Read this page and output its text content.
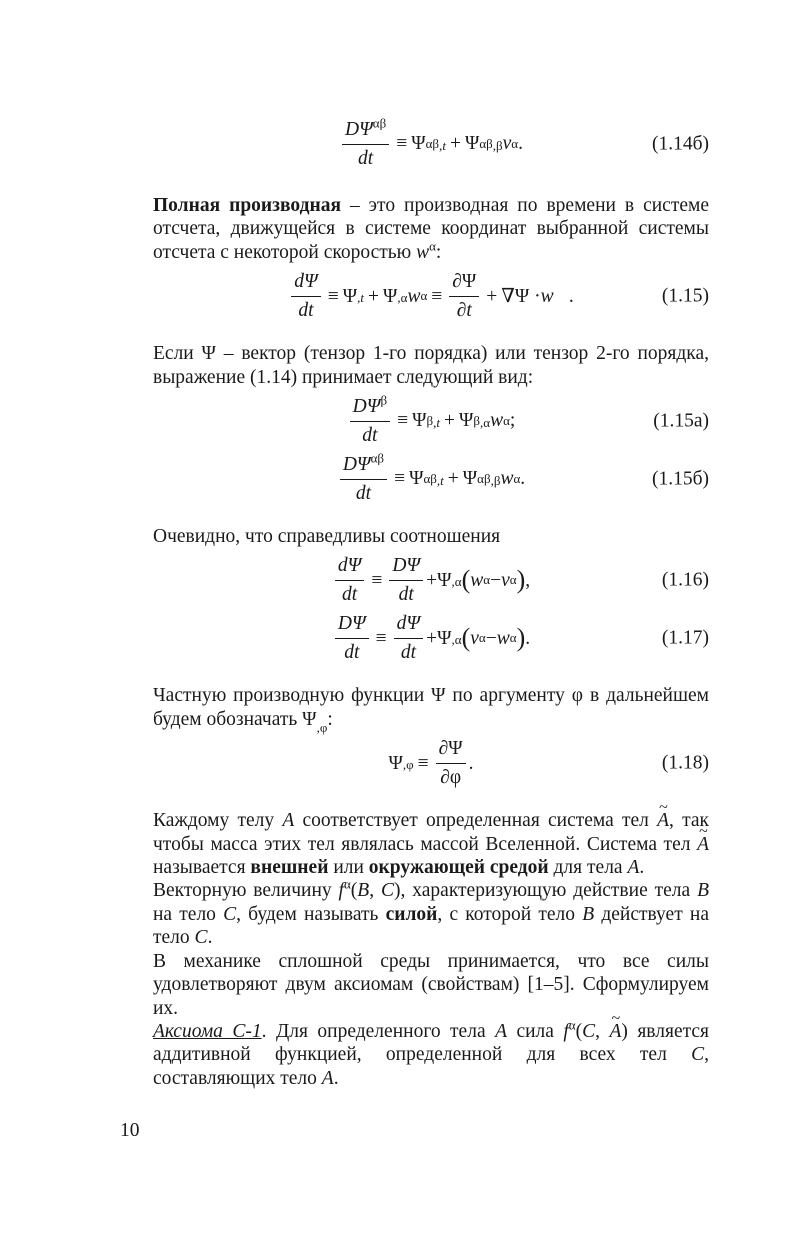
$\frac{D\Psi^{\alpha\beta}}{dt} \equiv \Psi$ $\alpha\beta_{,t} + \Psi$ $\alpha\beta_{,\beta}$ v α .	(1.14б)

Полная производная – это производная по времени в системе отсчета, движущейся в системе координат выбранной системы отсчета с некоторой скоростью $w^\alpha$:

$\frac{d\Psi}{dt} \equiv \Psi_{,t} + \Psi_{,\alpha}$ w $\alpha \equiv \frac{\partial\Psi}{\partial t} + \nabla\Psi$ · w⃗ .	(1.15)

Если Ψ – вектор (тензор 1-го порядка) или тензор 2-го порядка, выражение (1.14) принимает следующий вид:

$\frac{D\Psi^\beta}{dt} \equiv \Psi$ $\beta_{,t} + \Psi$ $\beta_{,\alpha}$ w α ;	(1.15а)
$\frac{D\Psi^{\alpha\beta}}{dt} \equiv \Psi$ $\alpha\beta_{,t} + \Psi$ $\alpha\beta_{,\beta}$ w α .	(1.15б)

Очевидно, что справедливы соотношения

$\frac{d\Psi}{dt} \equiv \frac{D\Psi}{dt} + \Psi_{,\alpha}$ ( w α − v α ) ,	(1.16)
$\frac{D\Psi}{dt} \equiv \frac{d\Psi}{dt} + \Psi_{,\alpha}$ ( v α − w α ) .	(1.17)

Частную производную функции Ψ по аргументу φ в дальнейшем будем обозначать $\Psi_{,\varphi}$:

$\Psi_{,\varphi} \equiv \frac{\partial\Psi}{\partial\varphi}$ .	(1.18)

Каждому телу A соответствует определенная система тел ~ A, так чтобы масса этих тел являлась массой Вселенной. Система тел ~ A называется внешней или окружающей средой для тела A.

Векторную величину $f^\alpha(B$, C), характеризующую действие тела B на тело C, будем называть силой, с которой тело B действует на тело C.

В механике сплошной среды принимается, что все силы удовлетворяют двум аксиомам (свойствам) [1–5]. Сформулируем их.

Аксиома С-1. Для определенного тела A сила $f^\alpha(C$, ~ A) является аддитивной функцией, определенной для всех тел C, составляющих тело A.

10
